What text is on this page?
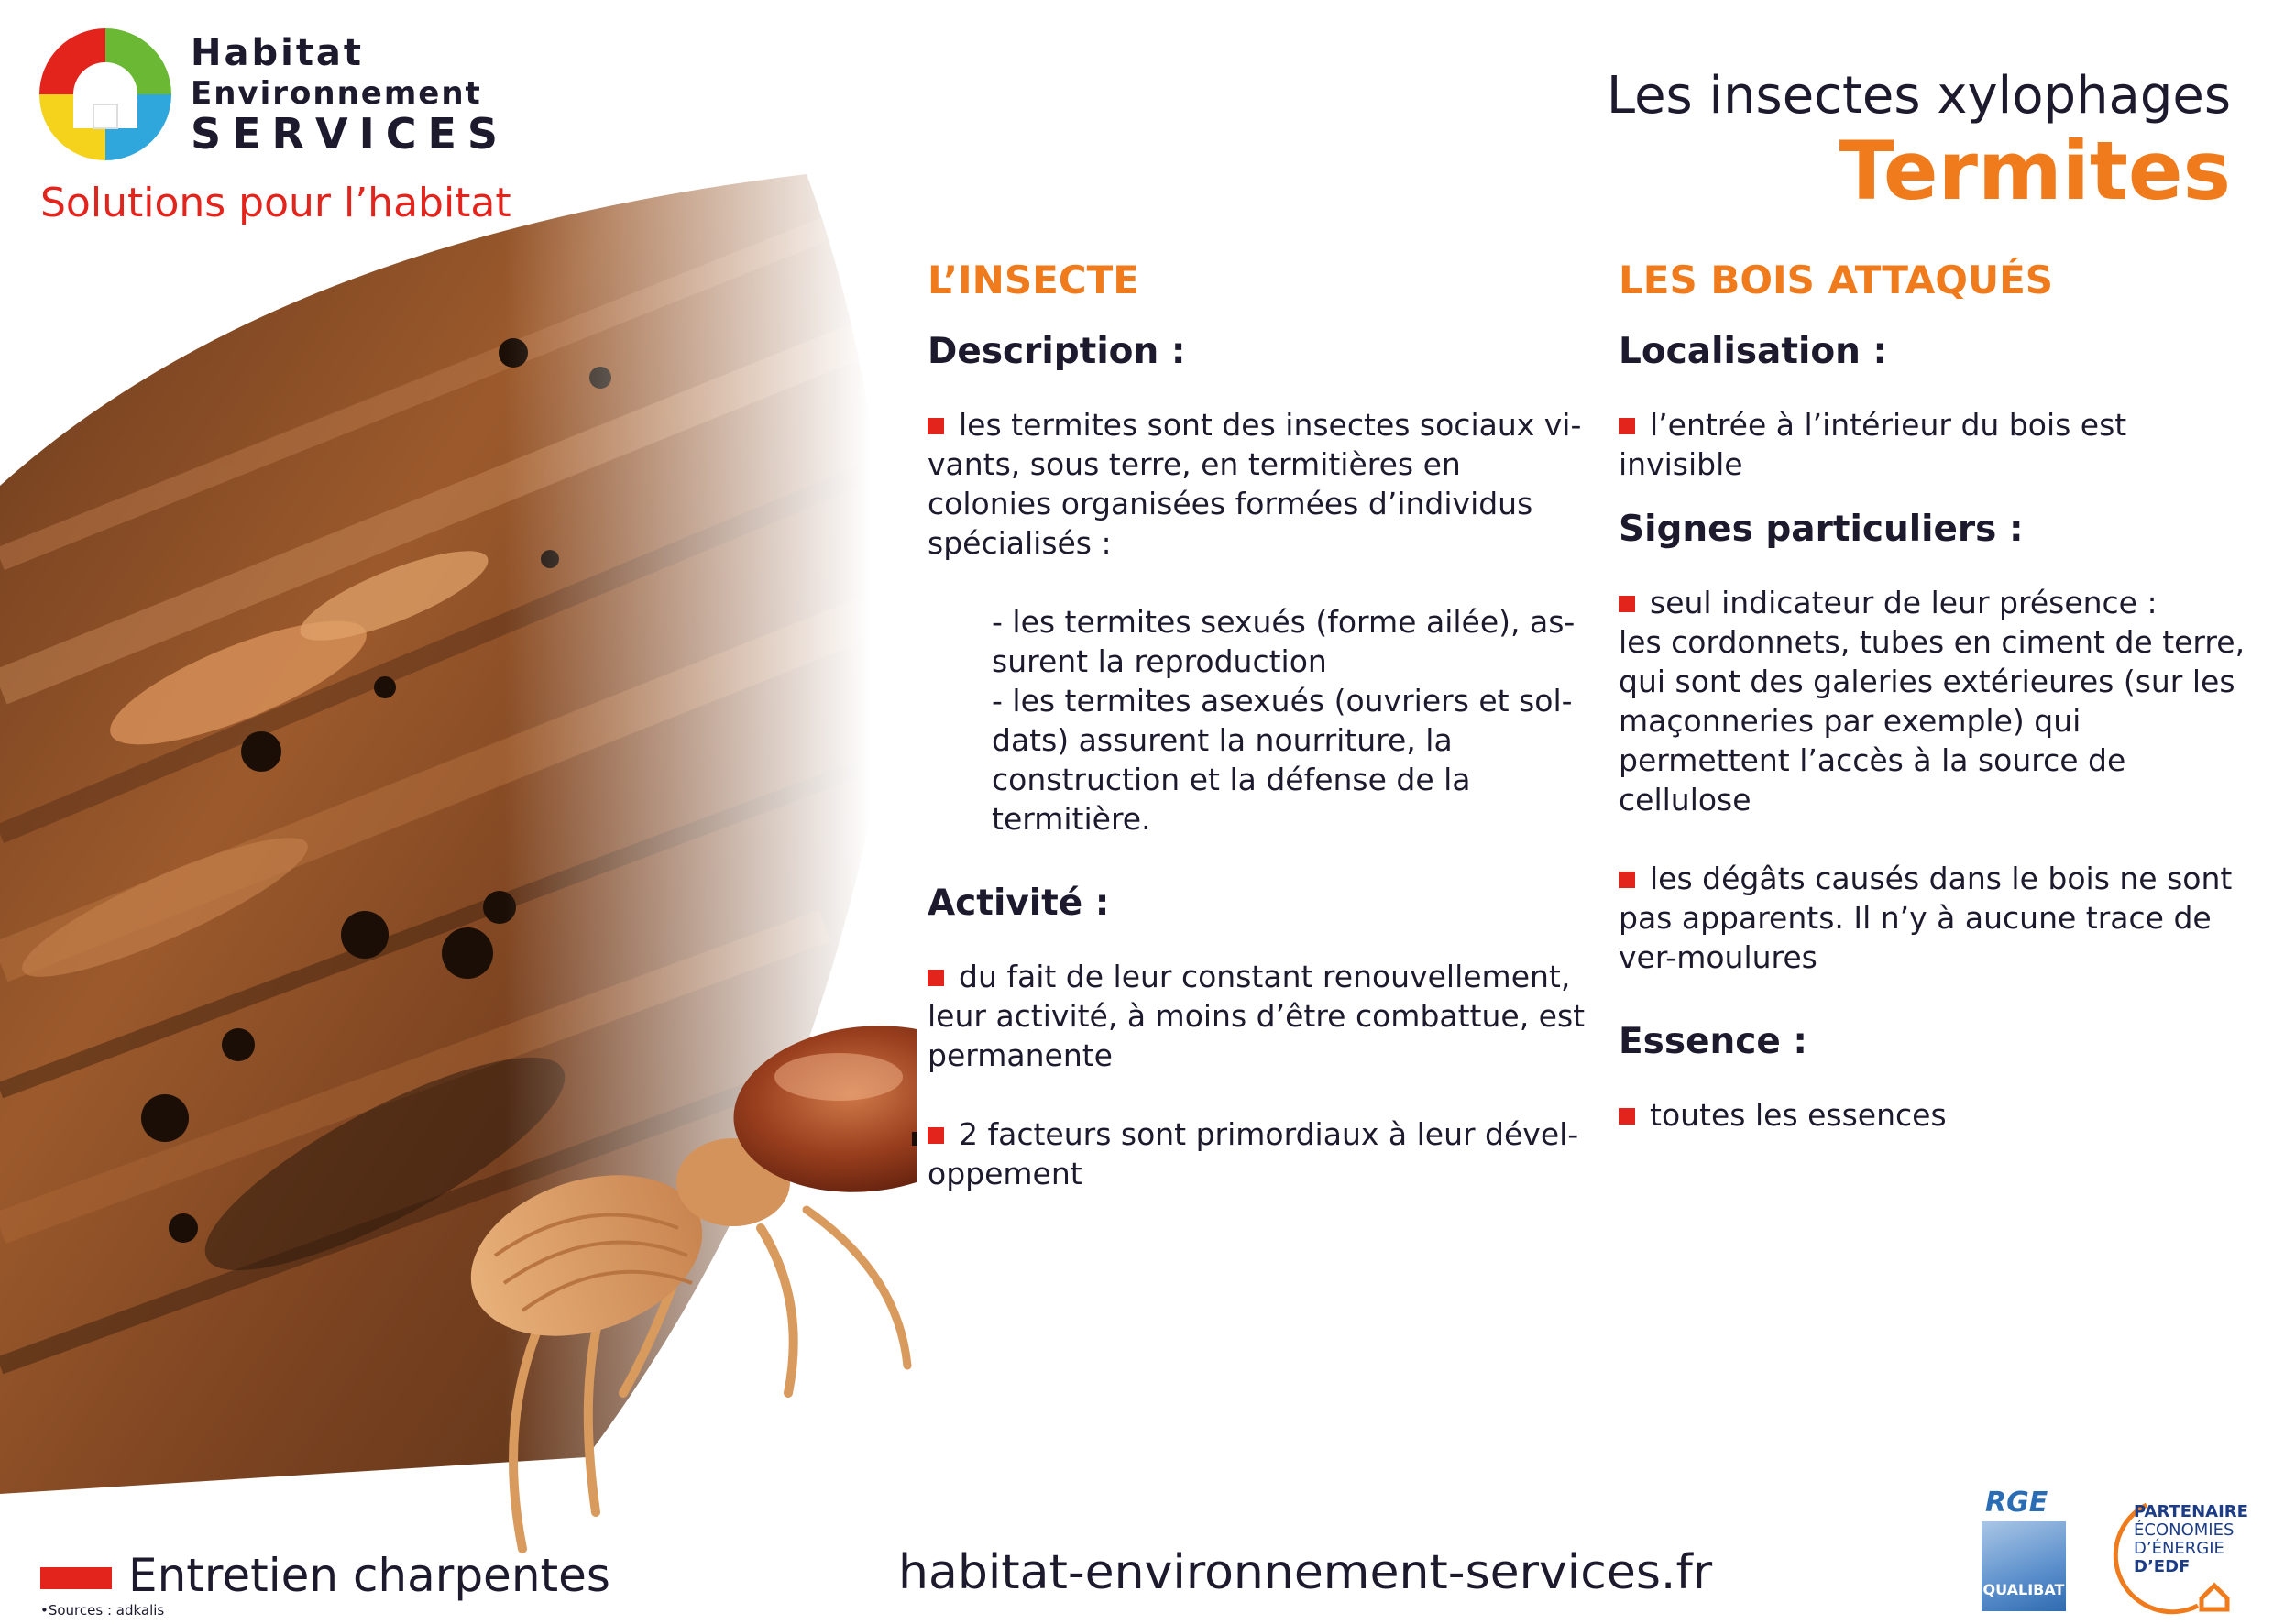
Habitat
Environnement
SERVICES
Les insectes xylophages
Termites
L’INSECTE
Description :
les termites sont des insectes sociaux vi-vants, sous terre, en termitières en colonies organisées formées d’individus spécialisés :
- les termites sexués (forme ailée), as-surent la reproduction
- les termites asexués (ouvriers et sol-dats) assurent la nourriture, la construction et la défense de la termitière.
Activité :
du fait de leur constant renouvellement, leur activité, à moins d’être combattue, est permanente
2 facteurs sont primordiaux à leur dével-oppement
LES BOIS ATTAQUÉS
Localisation :
l’entrée à l’intérieur du bois est invisible
Signes particuliers :
seul indicateur de leur présence :
les cordonnets, tubes en ciment de terre, qui sont des galeries extérieures (sur les maçonneries par exemple) qui permettent l’accès à la source de cellulose
les dégâts causés dans le bois ne sont pas apparents. Il n’y à aucune trace de ver-moulures
Essence :
toutes les essences
Entretien charpentes
•Sources : adkalis
habitat-environnement-services.fr
RGE
QUALIBAT
PARTENAIRE
ÉCONOMIES
D’ÉNERGIE
D’EDF
